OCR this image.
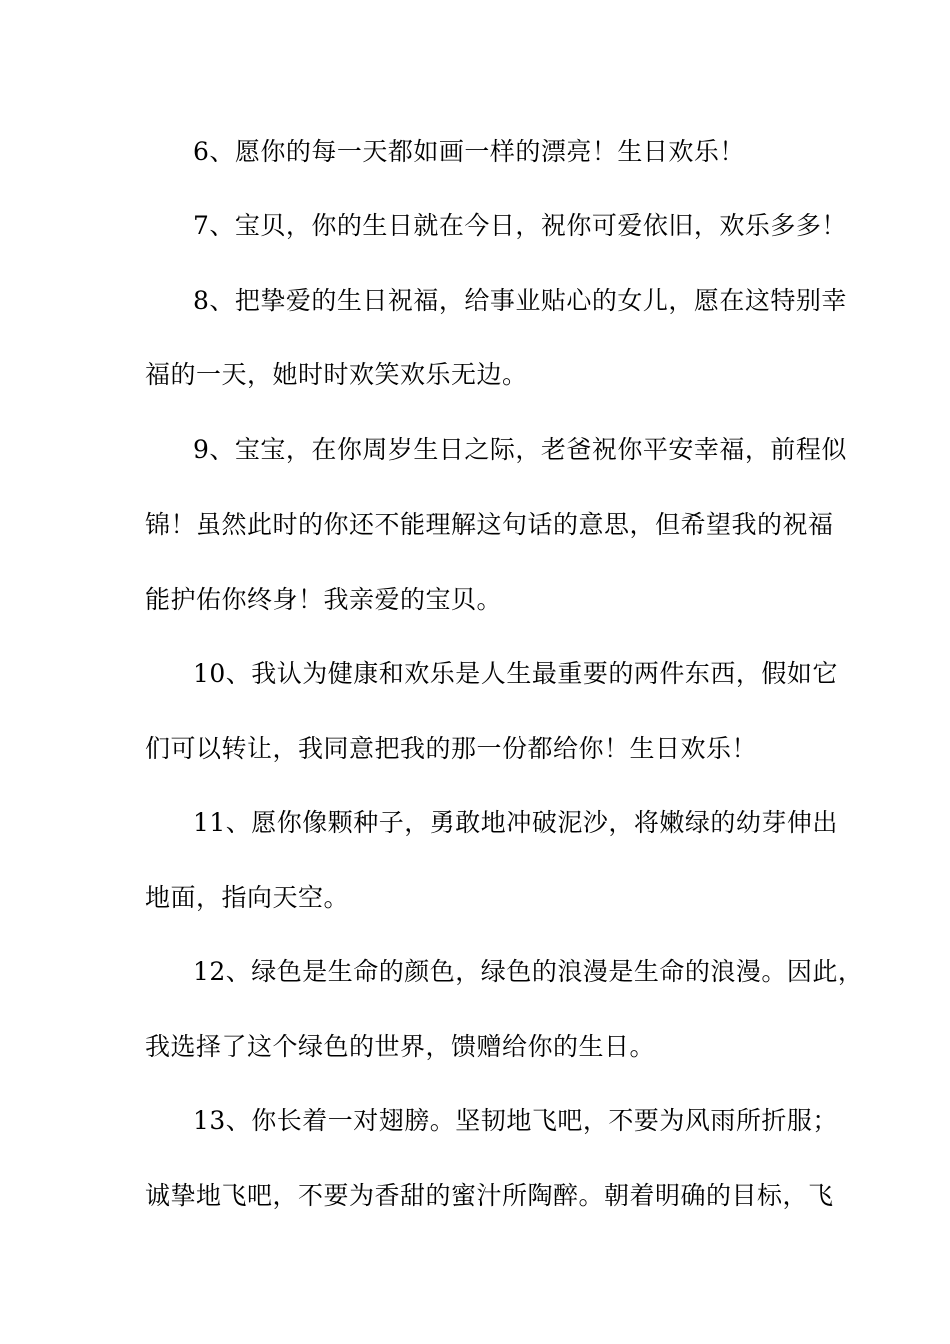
6、愿你的每一天都如画一样的漂亮！生日欢乐！
7、宝贝，你的生日就在今日，祝你可爱依旧，欢乐多多！
8、把挚爱的生日祝福，给事业贴心的女儿，愿在这特别幸
福的一天，她时时欢笑欢乐无边。
9、宝宝，在你周岁生日之际，老爸祝你平安幸福，前程似
锦！虽然此时的你还不能理解这句话的意思，但希望我的祝福
能护佑你终身！我亲爱的宝贝。
10、我认为健康和欢乐是人生最重要的两件东西，假如它
们可以转让，我同意把我的那一份都给你！生日欢乐！
11、愿你像颗种子，勇敢地冲破泥沙，将嫩绿的幼芽伸出
地面，指向天空。
12、绿色是生命的颜色，绿色的浪漫是生命的浪漫。因此，
我选择了这个绿色的世界，馈赠给你的生日。
13、你长着一对翅膀。坚韧地飞吧，不要为风雨所折服；
诚挚地飞吧，不要为香甜的蜜汁所陶醉。朝着明确的目标，飞
